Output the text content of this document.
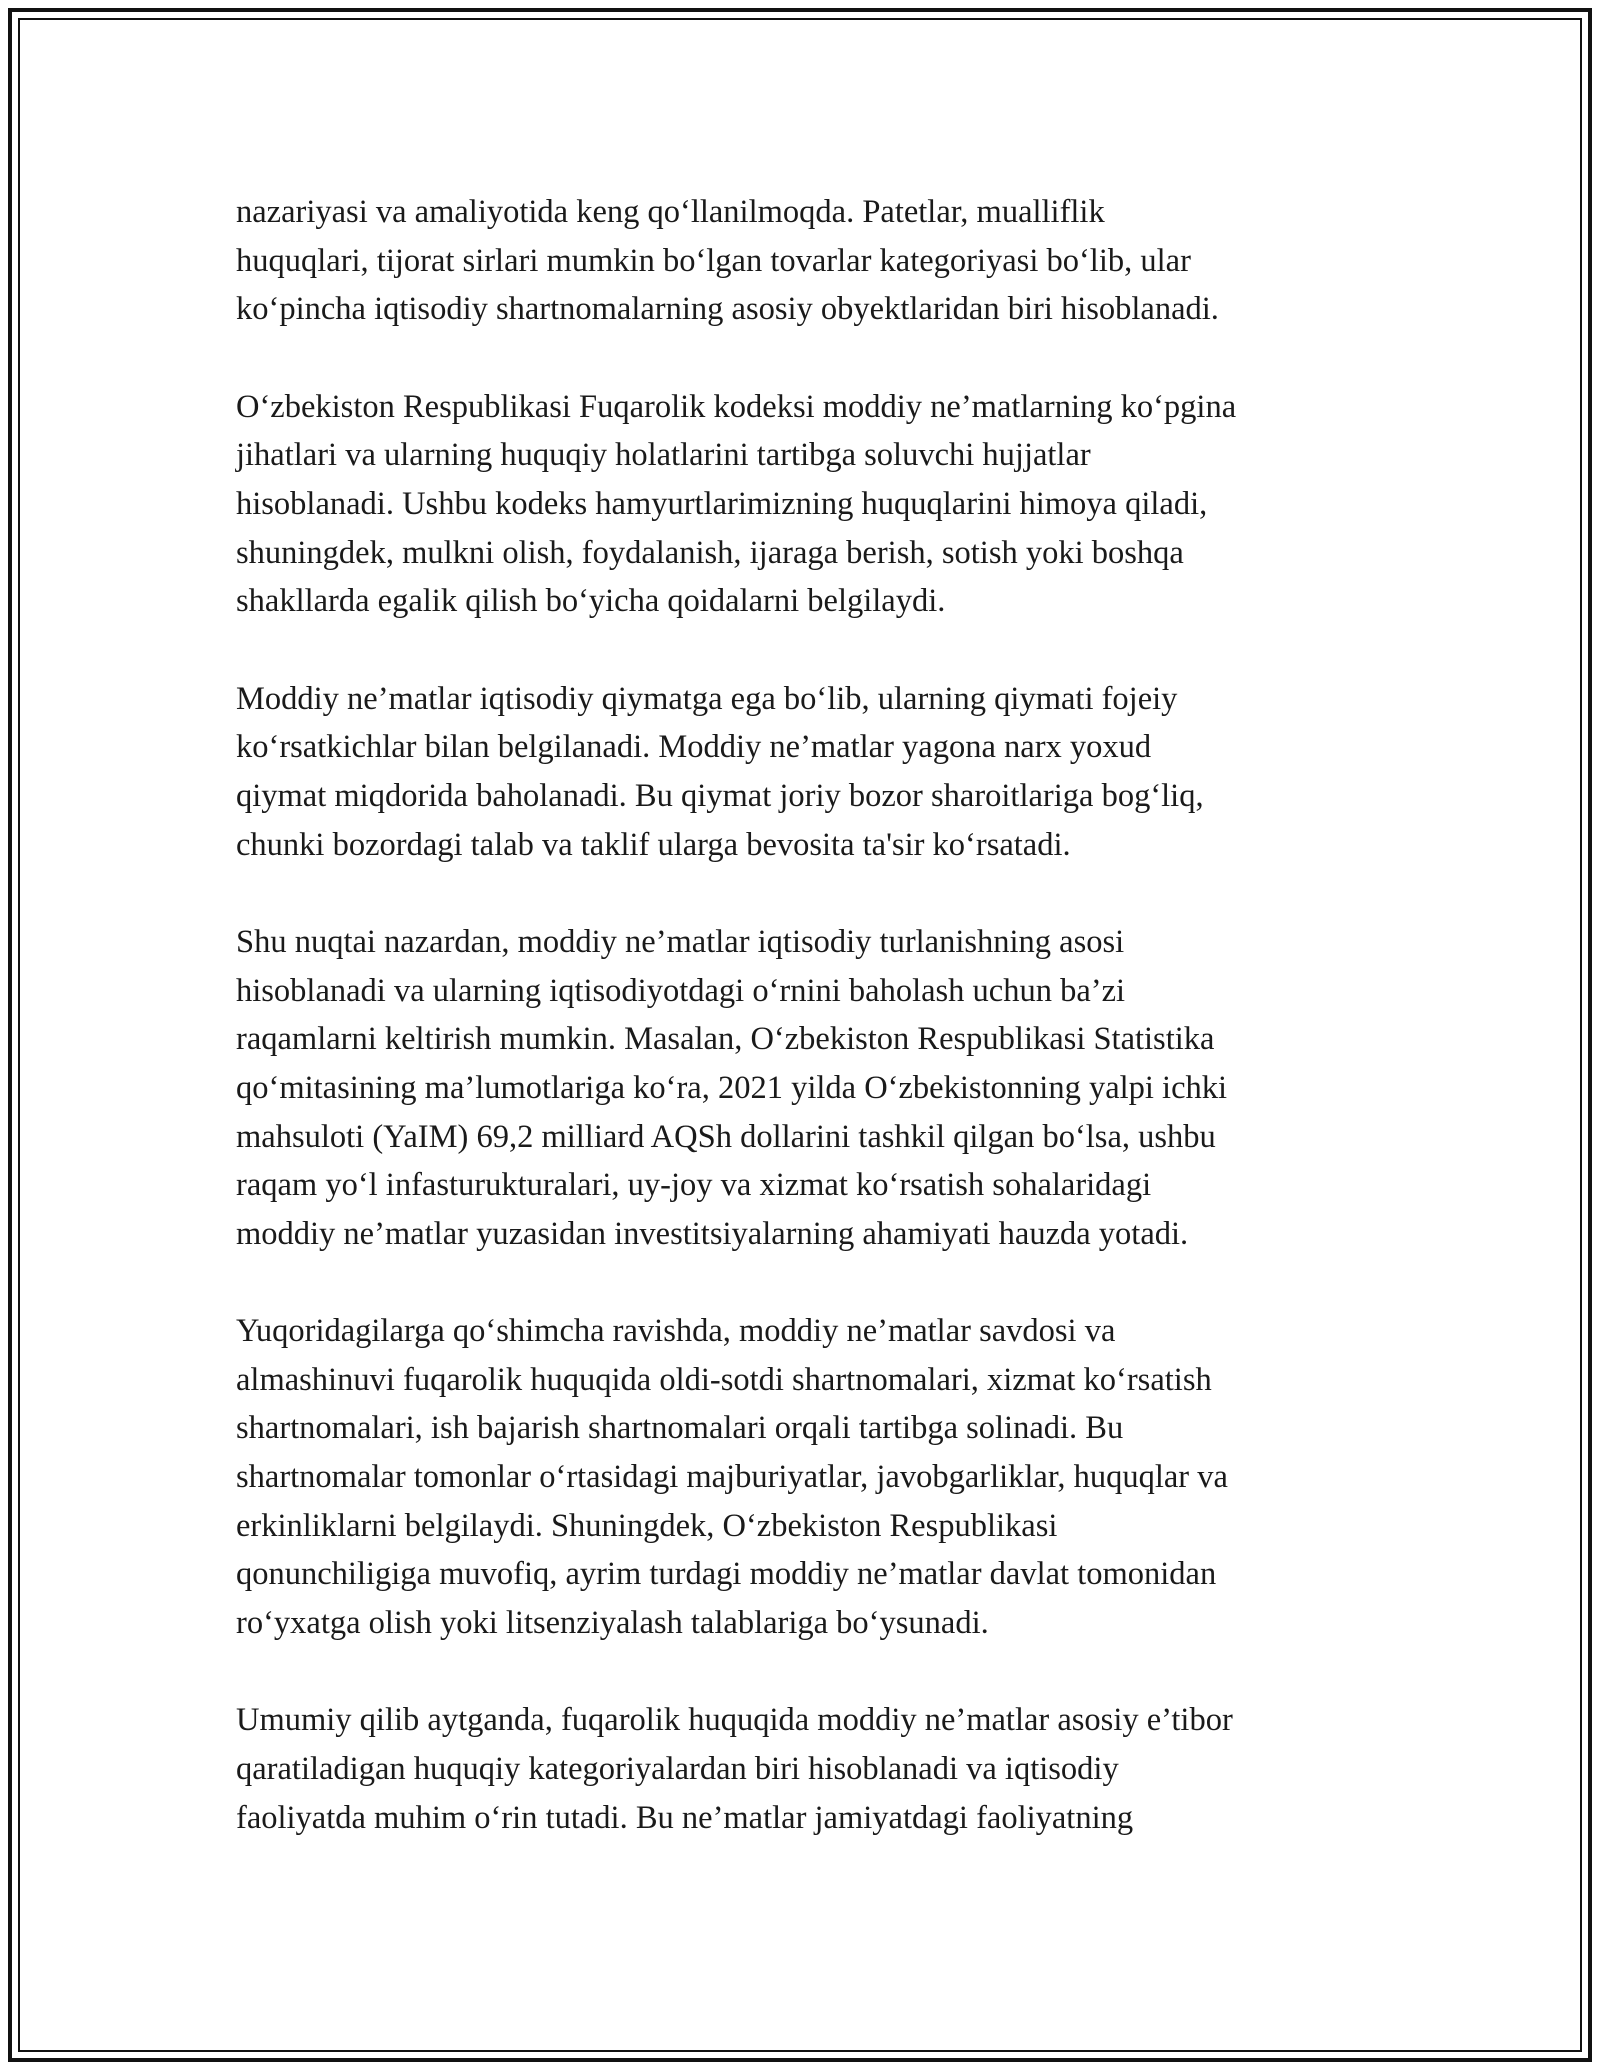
nazariyasi va amaliyotida keng qo‘llanilmoqda. Patetlar, mualliflik
huquqlari, tijorat sirlari mumkin bo‘lgan tovarlar kategoriyasi bo‘lib, ular
ko‘pincha iqtisodiy shartnomalarning asosiy obyektlaridan biri hisoblanadi.

O‘zbekiston Respublikasi Fuqarolik kodeksi moddiy ne’matlarning ko‘pgina
jihatlari va ularning huquqiy holatlarini tartibga soluvchi hujjatlar
hisoblanadi. Ushbu kodeks hamyurtlarimizning huquqlarini himoya qiladi,
shuningdek, mulkni olish, foydalanish, ijaraga berish, sotish yoki boshqa
shakllarda egalik qilish bo‘yicha qoidalarni belgilaydi.

Moddiy ne’matlar iqtisodiy qiymatga ega bo‘lib, ularning qiymati fojeiy
ko‘rsatkichlar bilan belgilanadi. Moddiy ne’matlar yagona narx yoxud
qiymat miqdorida baholanadi. Bu qiymat joriy bozor sharoitlariga bog‘liq,
chunki bozordagi talab va taklif ularga bevosita ta'sir ko‘rsatadi.

Shu nuqtai nazardan, moddiy ne’matlar iqtisodiy turlanishning asosi
hisoblanadi va ularning iqtisodiyotdagi o‘rnini baholash uchun ba’zi
raqamlarni keltirish mumkin. Masalan, O‘zbekiston Respublikasi Statistika
qo‘mitasining ma’lumotlariga ko‘ra, 2021 yilda O‘zbekistonning yalpi ichki
mahsuloti (YaIM) 69,2 milliard AQSh dollarini tashkil qilgan bo‘lsa, ushbu
raqam yo‘l infasturukturalari, uy-joy va xizmat ko‘rsatish sohalaridagi
moddiy ne’matlar yuzasidan investitsiyalarning ahamiyati hauzda yotadi.

Yuqoridagilarga qo‘shimcha ravishda, moddiy ne’matlar savdosi va
almashinuvi fuqarolik huquqida oldi-sotdi shartnomalari, xizmat ko‘rsatish
shartnomalari, ish bajarish shartnomalari orqali tartibga solinadi. Bu
shartnomalar tomonlar o‘rtasidagi majburiyatlar, javobgarliklar, huquqlar va
erkinliklarni belgilaydi. Shuningdek, O‘zbekiston Respublikasi
qonunchiligiga muvofiq, ayrim turdagi moddiy ne’matlar davlat tomonidan
ro‘yxatga olish yoki litsenziyalash talablariga bo‘ysunadi.

Umumiy qilib aytganda, fuqarolik huquqida moddiy ne’matlar asosiy e’tibor
qaratiladigan huquqiy kategoriyalardan biri hisoblanadi va iqtisodiy
faoliyatda muhim o‘rin tutadi. Bu ne’matlar jamiyatdagi faoliyatning
